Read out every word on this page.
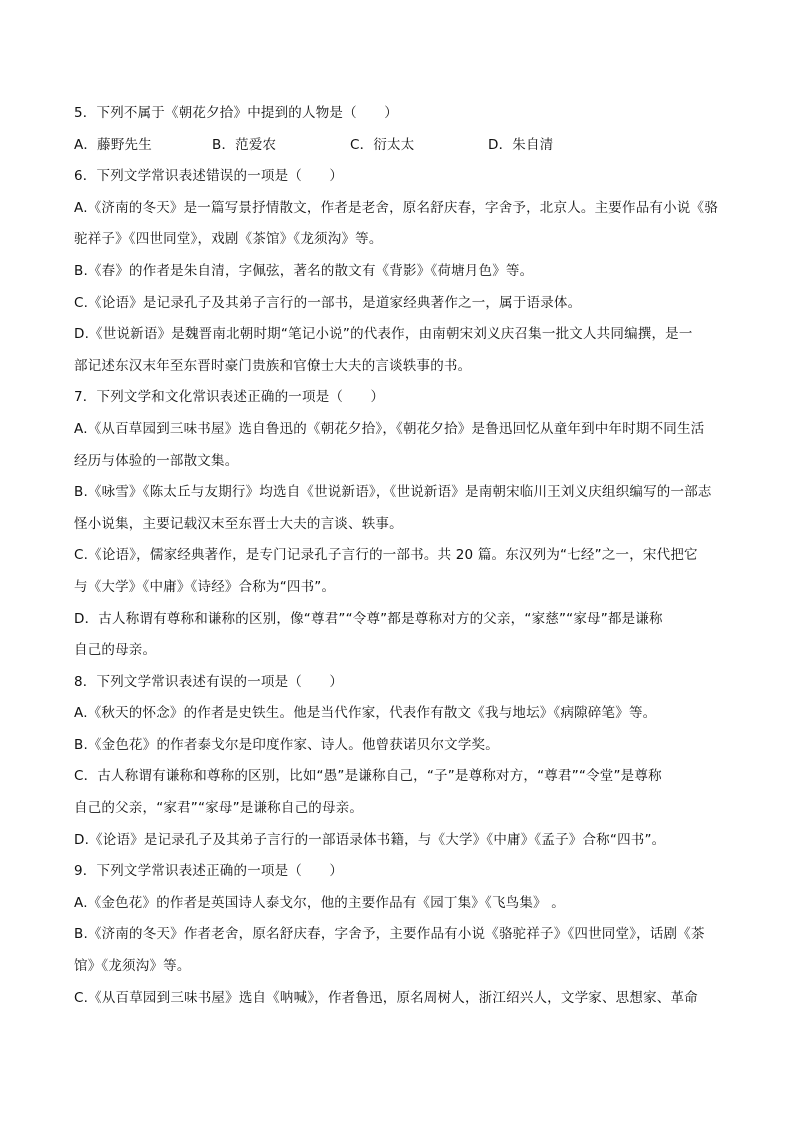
5．下列不属于《朝花夕拾》中提到的人物是（　　）
A．藤野先生	B．范爱农	C．衍太太	D．朱自清
6．下列文学常识表述错误的一项是（　　）
A.《济南的冬天》是一篇写景抒情散文，作者是老舍，原名舒庆春，字舍予，北京人。主要作品有小说《骆
驼祥子》《四世同堂》，戏剧《茶馆》《龙须沟》等。
B.《春》的作者是朱自清，字佩弦，著名的散文有《背影》《荷塘月色》等。
C.《论语》是记录孔子及其弟子言行的一部书，是道家经典著作之一，属于语录体。
D.《世说新语》是魏晋南北朝时期“笔记小说”的代表作，由南朝宋刘义庆召集一批文人共同编撰，是一
部记述东汉末年至东晋时豪门贵族和官僚士大夫的言谈轶事的书。
7．下列文学和文化常识表述正确的一项是（　　）
A.《从百草园到三味书屋》选自鲁迅的《朝花夕拾》，《朝花夕拾》是鲁迅回忆从童年到中年时期不同生活
经历与体验的一部散文集。
B.《咏雪》《陈太丘与友期行》均选自《世说新语》，《世说新语》是南朝宋临川王刘义庆组织编写的一部志
怪小说集，主要记载汉末至东晋士大夫的言谈、轶事。
C.《论语》，儒家经典著作，是专门记录孔子言行的一部书。共 20 篇。东汉列为“七经”之一，宋代把它
与《大学》《中庸》《诗经》合称为“四书”。
D．古人称谓有尊称和谦称的区别，像“尊君”“令尊”都是尊称对方的父亲，“家慈”“家母”都是谦称
自己的母亲。
8．下列文学常识表述有误的一项是（　　）
A.《秋天的怀念》的作者是史铁生。他是当代作家，代表作有散文《我与地坛》《病隙碎笔》等。
B.《金色花》的作者泰戈尔是印度作家、诗人。他曾获诺贝尔文学奖。
C．古人称谓有谦称和尊称的区别，比如“愚”是谦称自己，“子”是尊称对方，“尊君”“令堂”是尊称
自己的父亲，“家君”“家母”是谦称自己的母亲。
D.《论语》是记录孔子及其弟子言行的一部语录体书籍，与《大学》《中庸》《孟子》合称“四书”。
9．下列文学常识表述正确的一项是（　　）
A.《金色花》的作者是英国诗人泰戈尔，他的主要作品有《园丁集》《飞鸟集》 。
B.《济南的冬天》作者老舍，原名舒庆春，字舍予，主要作品有小说《骆驼祥子》《四世同堂》，话剧《茶
馆》《龙须沟》等。
C.《从百草园到三味书屋》选自《呐喊》，作者鲁迅，原名周树人，浙江绍兴人，文学家、思想家、革命
